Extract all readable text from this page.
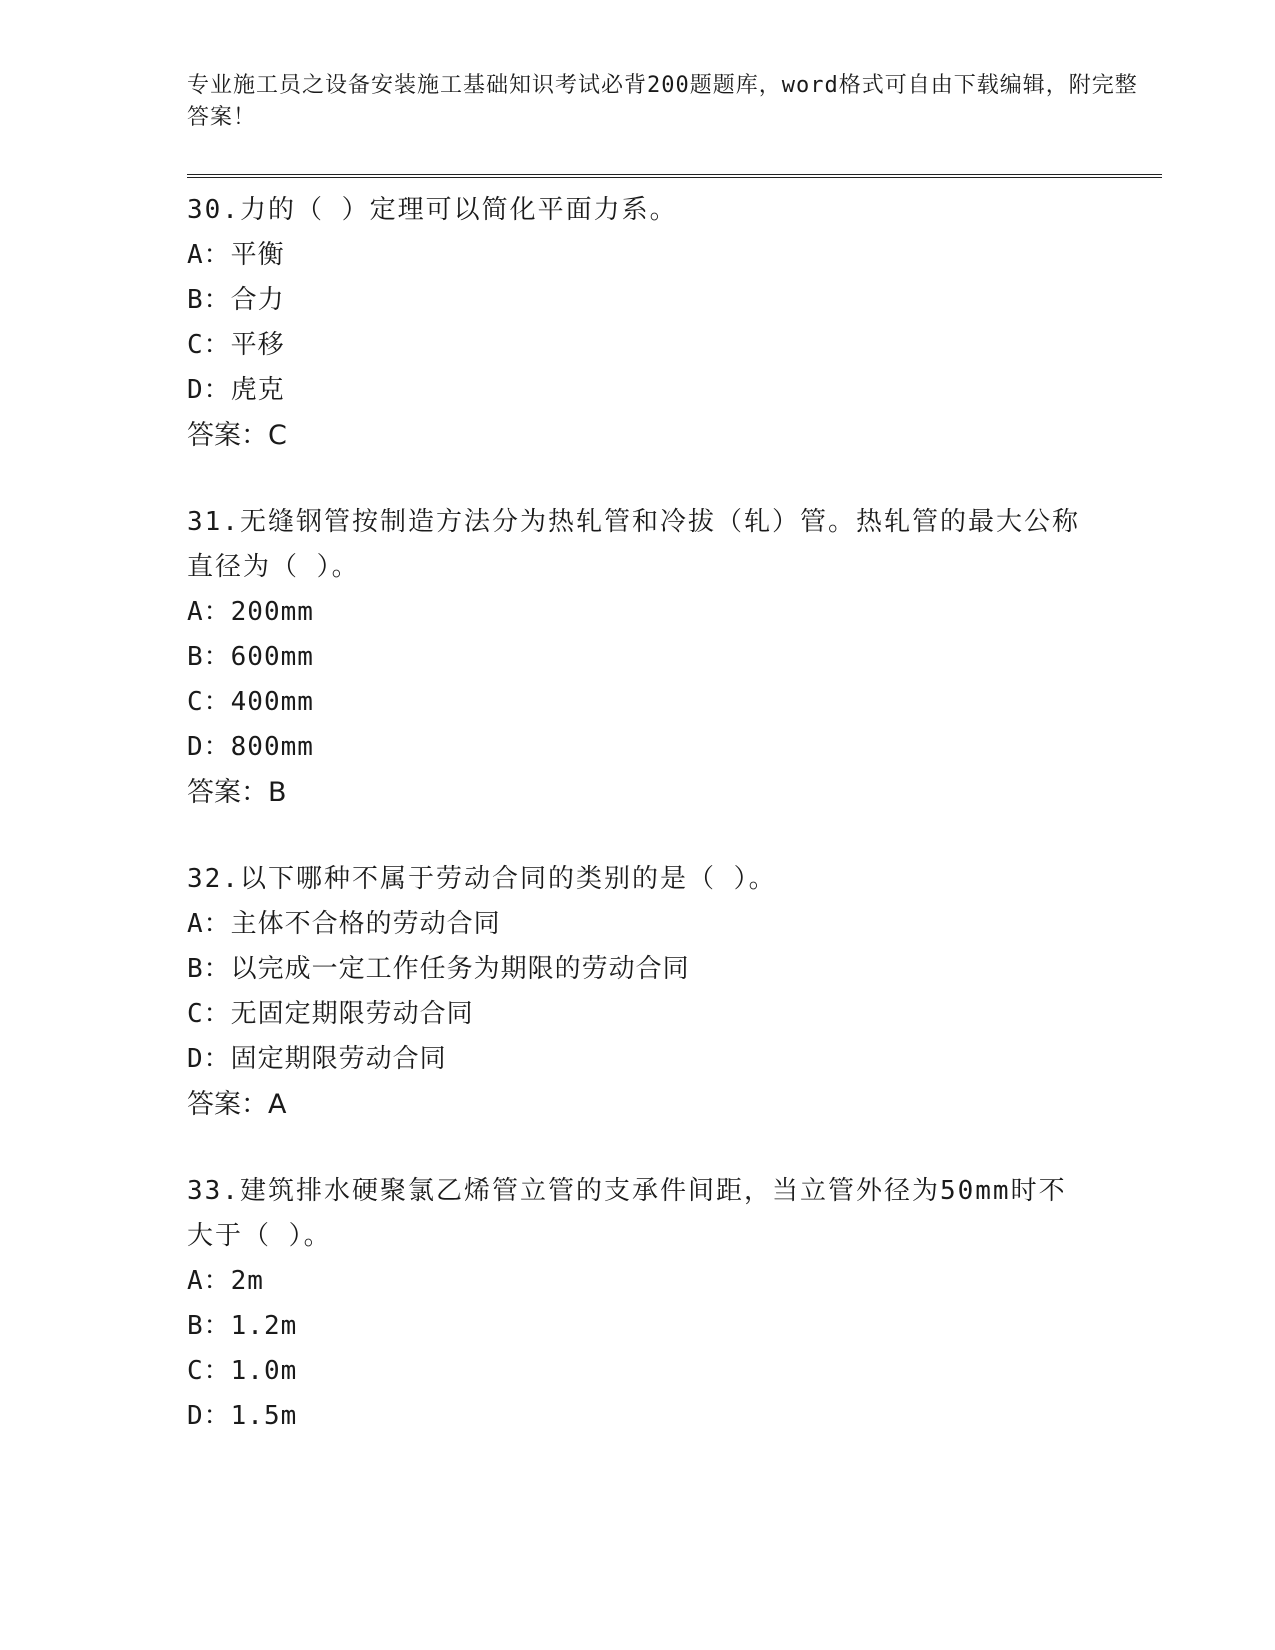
专业施工员之设备安装施工基础知识考试必背200题题库，word格式可自由下载编辑，附完整答案！

30.力的（ ）定理可以简化平面力系。

A：平衡

B：合力

C：平移

D：虎克

答案：C

31.无缝钢管按制造方法分为热轧管和冷拔（轧）管。热轧管的最大公称直径为（ ）。

A：200mm

B：600mm

C：400mm

D：800mm

答案：B

32.以下哪种不属于劳动合同的类别的是（ ）。

A：主体不合格的劳动合同

B：以完成一定工作任务为期限的劳动合同

C：无固定期限劳动合同

D：固定期限劳动合同

答案：A

33.建筑排水硬聚氯乙烯管立管的支承件间距，当立管外径为50mm时不大于（ ）。

A：2m

B：1.2m

C：1.0m

D：1.5m
